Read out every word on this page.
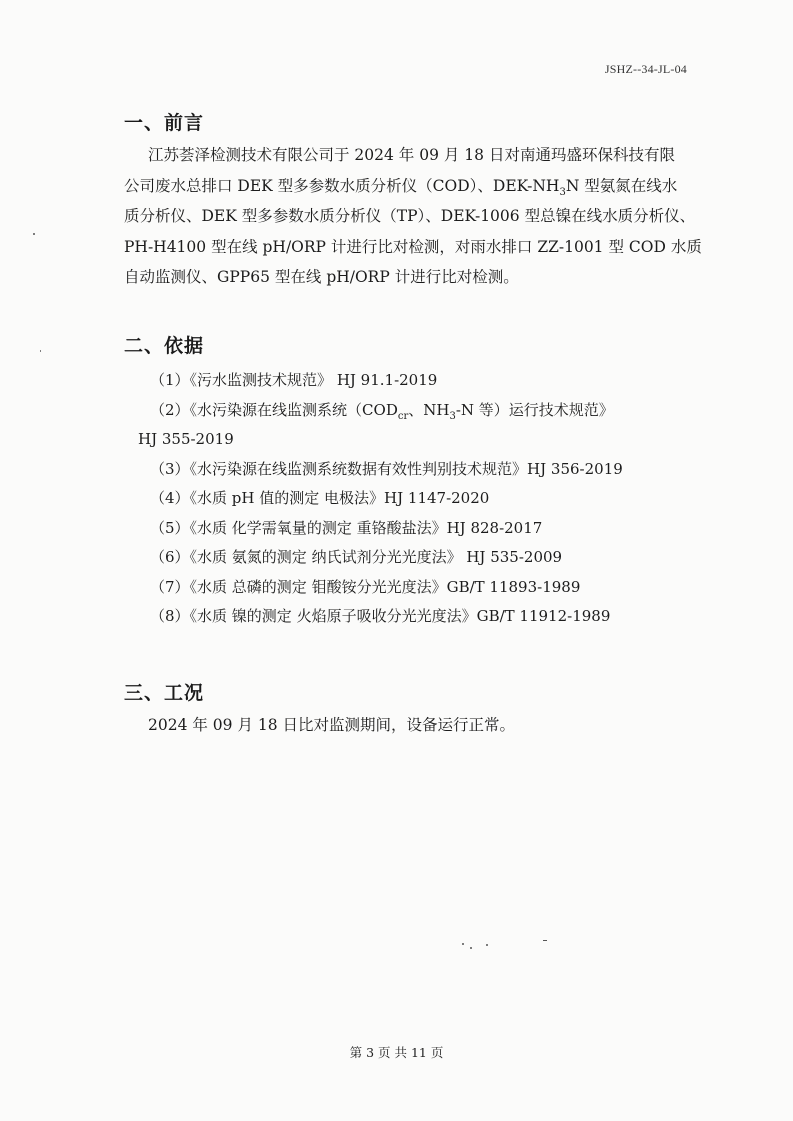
JSHZ--34-JL-04
一、前言
江苏荟泽检测技术有限公司于 2024 年 09 月 18 日对南通玛盛环保科技有限
公司废水总排口 DEK 型多参数水质分析仪（COD）、DEK-$NH_3N$ 型氨氮在线水
质分析仪、DEK 型多参数水质分析仪（TP）、DEK-1006 型总镍在线水质分析仪、
PH-H4100 型在线 pH/ORP 计进行比对检测，对雨水排口 ZZ-1001 型 COD 水质
自动监测仪、GPP65 型在线 pH/ORP 计进行比对检测。
二、依据
（1）《污水监测技术规范》 HJ 91.1-2019
（2）《水污染源在线监测系统（$COD_{cr}$、$NH_3-N$ 等）运行技术规范》
HJ 355-2019
（3）《水污染源在线监测系统数据有效性判别技术规范》HJ 356-2019
（4）《水质 pH 值的测定 电极法》HJ 1147-2020
（5）《水质 化学需氧量的测定 重铬酸盐法》HJ 828-2017
（6）《水质 氨氮的测定 纳氏试剂分光光度法》 HJ 535-2009
（7）《水质 总磷的测定 钼酸铵分光光度法》GB/T 11893-1989
（8）《水质 镍的测定 火焰原子吸收分光光度法》GB/T 11912-1989
三、工况
2024 年 09 月 18 日比对监测期间，设备运行正常。
第 3 页 共 11 页
